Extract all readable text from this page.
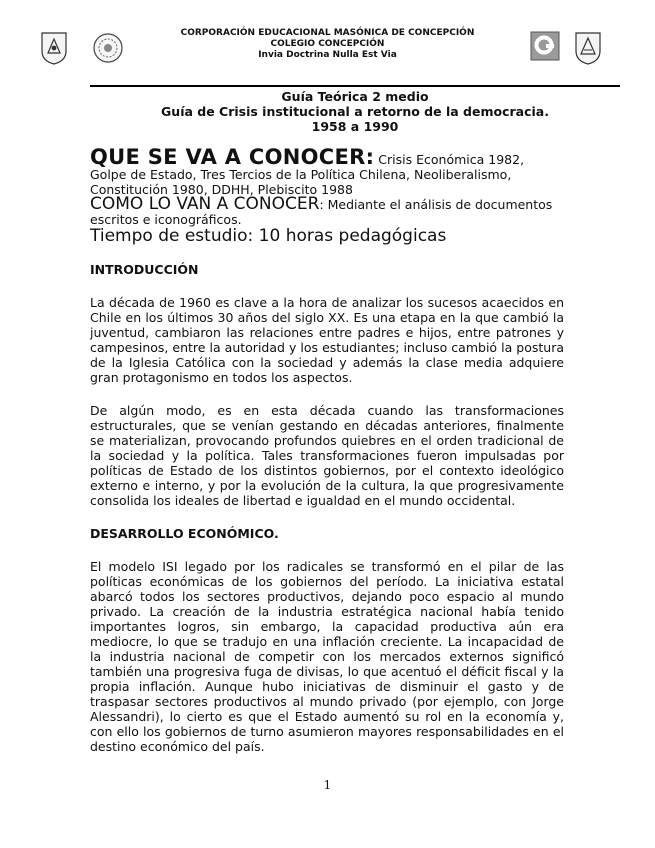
CORPORACIÓN EDUCACIONAL MASÓNICA DE CONCEPCIÓN
COLEGIO CONCEPCIÓN
Invia Doctrina Nulla Est Via
Guía Teórica 2 medio
Guía de Crisis institucional a retorno de la democracia.
1958 a 1990

QUE SE VA A CONOCER: Crisis Económica 1982, Golpe de Estado, Tres Tercios de la Política Chilena, Neoliberalismo, Constitución 1980, DDHH, Plebiscito 1988

COMO LO VAN A CONOCER: Mediante el análisis de documentos escritos e iconográficos.

Tiempo de estudio: 10 horas pedagógicas
INTRODUCCIÓN

La década de 1960 es clave a la hora de analizar los sucesos acaecidos en Chile en los últimos 30 años del siglo XX. Es una etapa en la que cambió la juventud, cambiaron las relaciones entre padres e hijos, entre patrones y campesinos, entre la autoridad y los estudiantes; incluso cambió la postura de la Iglesia Católica con la sociedad y además la clase media adquiere gran protagonismo en todos los aspectos.

De algún modo, es en esta década cuando las transformaciones estructurales, que se venían gestando en décadas anteriores, finalmente se materializan, provocando profundos quiebres en el orden tradicional de la sociedad y la política. Tales transformaciones fueron impulsadas por políticas de Estado de los distintos gobiernos, por el contexto ideológico externo e interno, y por la evolución de la cultura, la que progresivamente consolida los ideales de libertad e igualdad en el mundo occidental.

DESARROLLO ECONÓMICO.

El modelo ISI legado por los radicales se transformó en el pilar de las políticas económicas de los gobiernos del período. La iniciativa estatal abarcó todos los sectores productivos, dejando poco espacio al mundo privado. La creación de la industria estratégica nacional había tenido importantes logros, sin embargo, la capacidad productiva aún era mediocre, lo que se tradujo en una inflación creciente. La incapacidad de la industria nacional de competir con los mercados externos significó también una progresiva fuga de divisas, lo que acentuó el déficit fiscal y la propia inflación. Aunque hubo iniciativas de disminuir el gasto y de traspasar sectores productivos al mundo privado (por ejemplo, con Jorge Alessandri), lo cierto es que el Estado aumentó su rol en la economía y, con ello los gobiernos de turno asumieron mayores responsabilidades en el destino económico del país.

1
